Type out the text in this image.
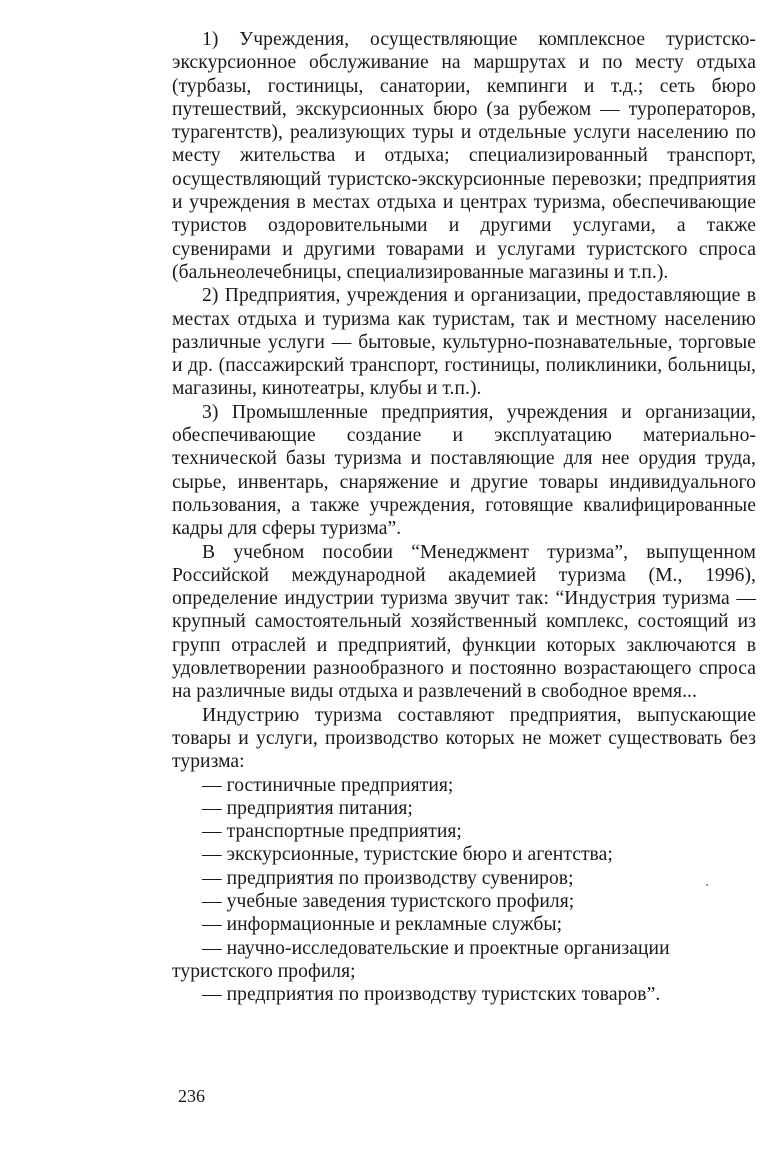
1) Учреждения, осуществляющие комплексное туристско-экскурсионное обслуживание на маршрутах и по месту отдыха (турбазы, гостиницы, санатории, кемпинги и т.д.; сеть бюро путешествий, экскурсионных бюро (за рубежом — туроператоров, турагентств), реализующих туры и отдельные услуги населению по месту жительства и отдыха; специализированный транспорт, осуществляющий туристско-экскурсионные перевозки; предприятия и учреждения в местах отдыха и центрах туризма, обеспечивающие туристов оздоровительными и другими услугами, а также сувенирами и другими товарами и услугами туристского спроса (бальнеолечебницы, специализированные магазины и т.п.).

2) Предприятия, учреждения и организации, предоставляющие в местах отдыха и туризма как туристам, так и местному населению различные услуги — бытовые, культурно-познавательные, торговые и др. (пассажирский транспорт, гостиницы, поликлиники, больницы, магазины, кинотеатры, клубы и т.п.).

3) Промышленные предприятия, учреждения и организации, обеспечивающие создание и эксплуатацию материально-технической базы туризма и поставляющие для нее орудия труда, сырье, инвентарь, снаряжение и другие товары индивидуального пользования, а также учреждения, готовящие квалифицированные кадры для сферы туризма”.

В учебном пособии “Менеджмент туризма”, выпущенном Российской международной академией туризма (М., 1996), определение индустрии туризма звучит так: “Индустрия туризма — крупный самостоятельный хозяйственный комплекс, состоящий из групп отраслей и предприятий, функции которых заключаются в удовлетворении разнообразного и постоянно возрастающего спроса на различные виды отдыха и развлечений в свободное время...

Индустрию туризма составляют предприятия, выпускающие товары и услуги, производство которых не может существовать без туризма:

— гостиничные предприятия;
— предприятия питания;
— транспортные предприятия;
— экскурсионные, туристские бюро и агентства;
— предприятия по производству сувениров;
— учебные заведения туристского профиля;
— информационные и рекламные службы;
— научно-исследовательские и проектные организации туристского профиля;
— предприятия по производству туристских товаров”.
236
